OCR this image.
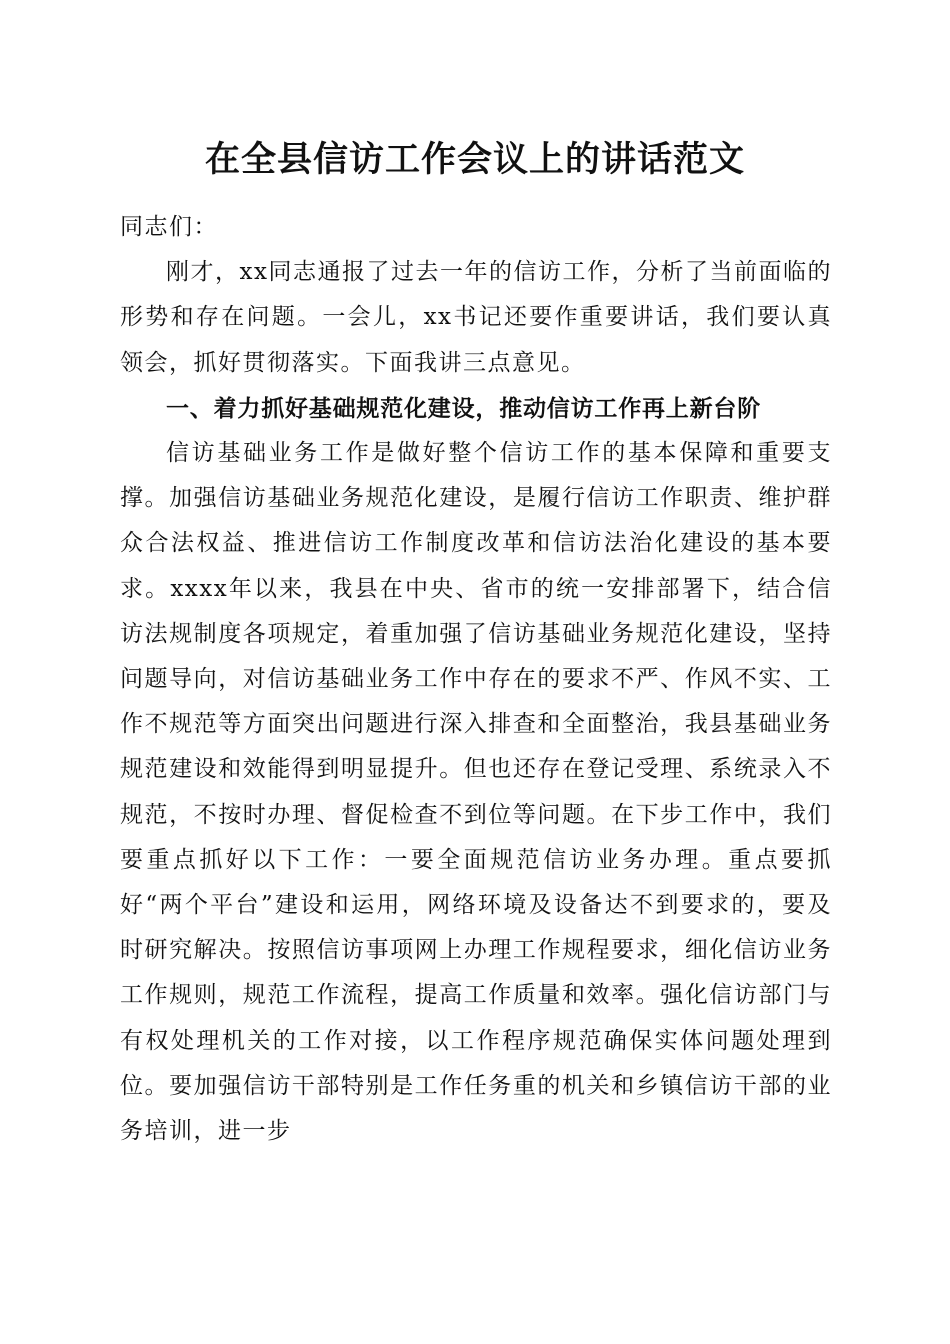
在全县信访工作会议上的讲话范文

同志们：

刚才，xx同志通报了过去一年的信访工作，分析了当前面临的形势和存在问题。一会儿，xx书记还要作重要讲话，我们要认真领会，抓好贯彻落实。下面我讲三点意见。

一、着力抓好基础规范化建设，推动信访工作再上新台阶

信访基础业务工作是做好整个信访工作的基本保障和重要支撑。加强信访基础业务规范化建设，是履行信访工作职责、维护群众合法权益、推进信访工作制度改革和信访法治化建设的基本要求。xxxx年以来，我县在中央、省市的统一安排部署下，结合信访法规制度各项规定，着重加强了信访基础业务规范化建设，坚持问题导向，对信访基础业务工作中存在的要求不严、作风不实、工作不规范等方面突出问题进行深入排查和全面整治，我县基础业务规范建设和效能得到明显提升。但也还存在登记受理、系统录入不规范，不按时办理、督促检查不到位等问题。在下步工作中，我们要重点抓好以下工作：一要全面规范信访业务办理。重点要抓好“两个平台”建设和运用，网络环境及设备达不到要求的，要及时研究解决。按照信访事项网上办理工作规程要求，细化信访业务工作规则，规范工作流程，提高工作质量和效率。强化信访部门与有权处理机关的工作对接，以工作程序规范确保实体问题处理到位。要加强信访干部特别是工作任务重的机关和乡镇信访干部的业务培训，进一步
